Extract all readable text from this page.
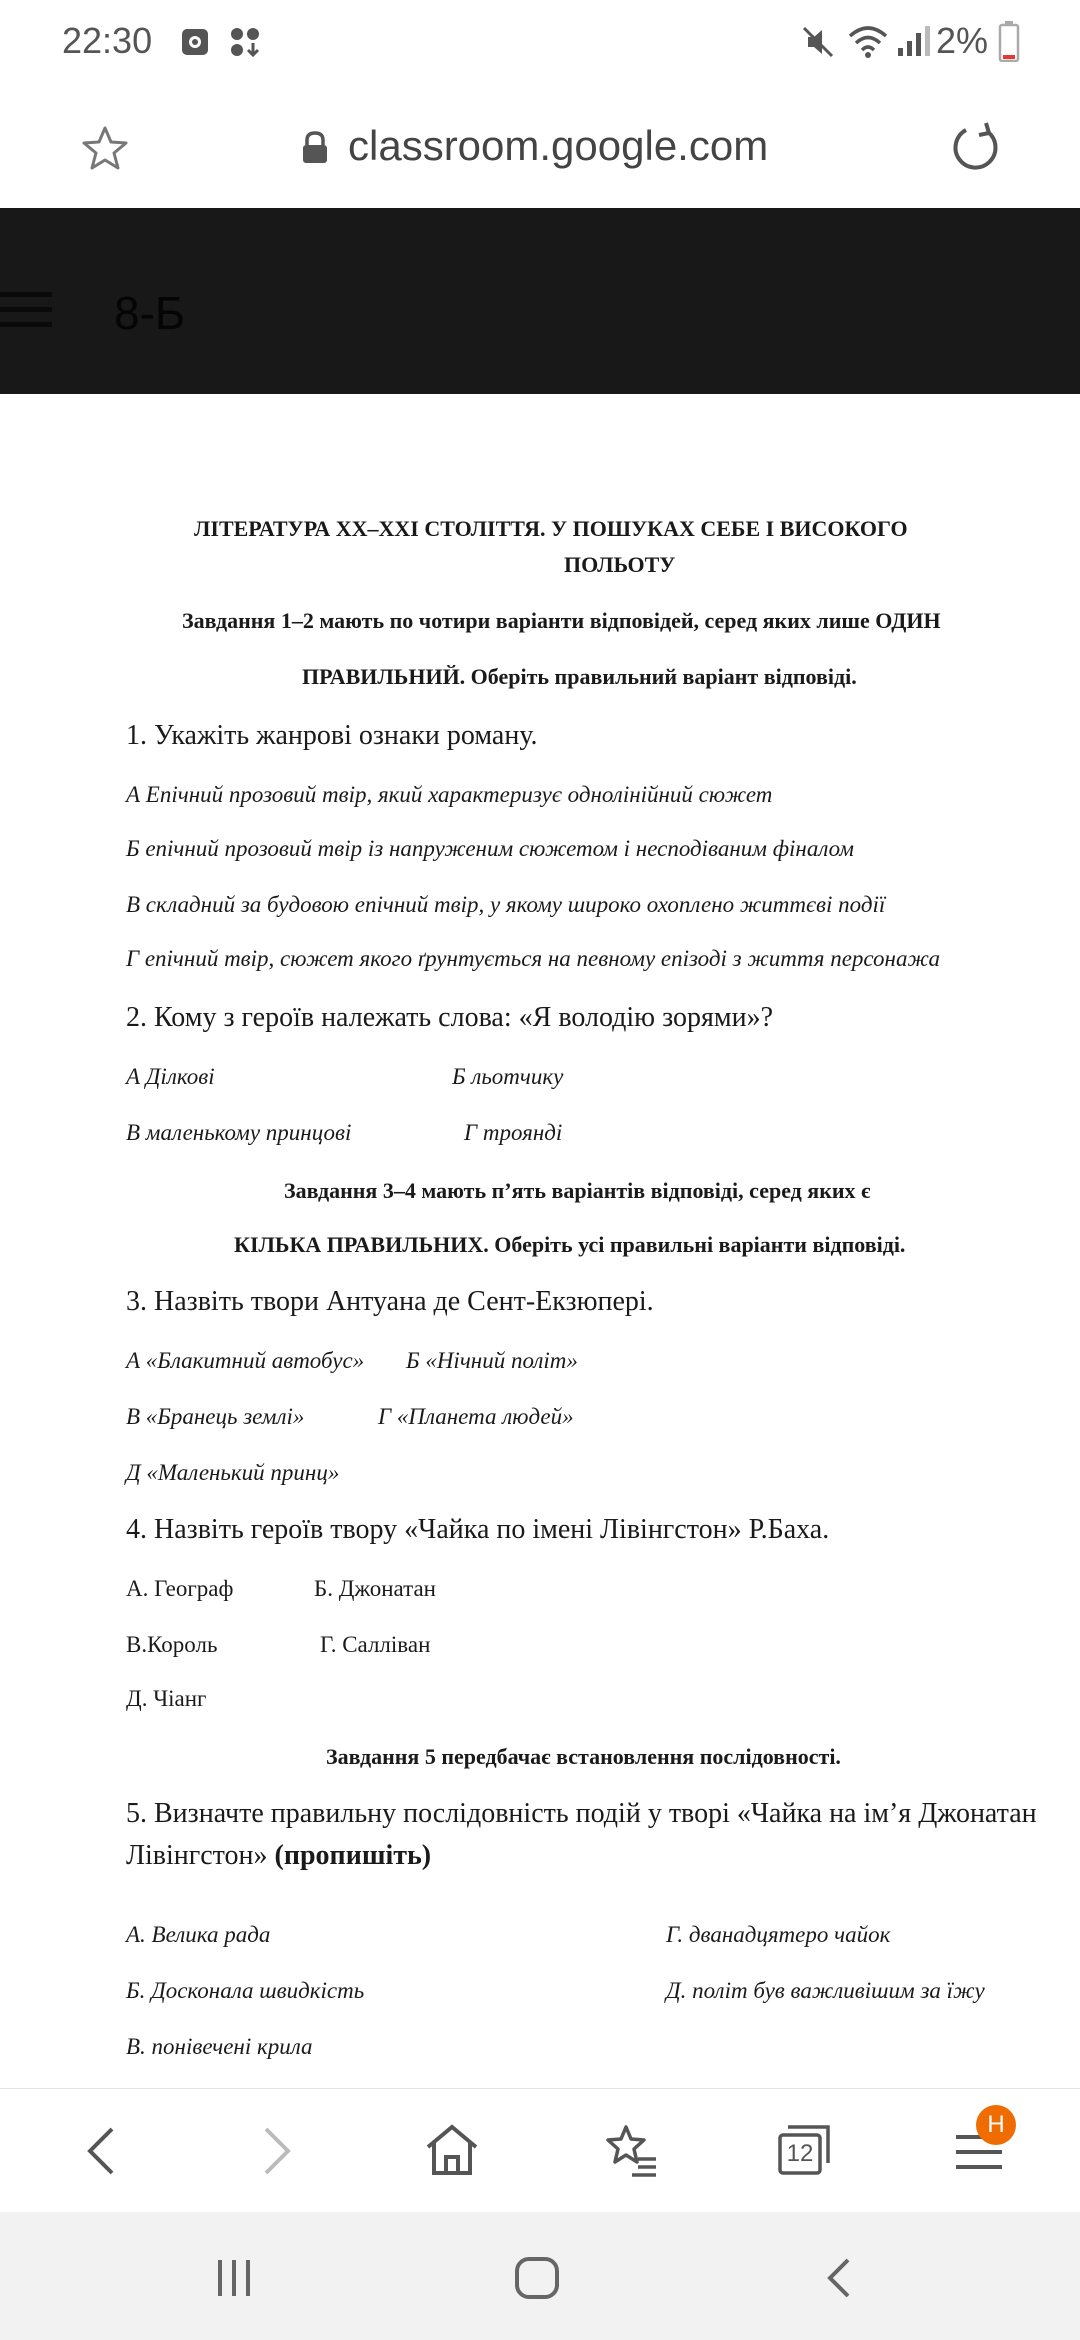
22:30	2%
classroom.google.com
8-Б
ЛІТЕРАТУРА XX–XXI СТОЛІТТЯ. У ПОШУКАХ СЕБЕ І ВИСОКОГО
ПОЛЬОТУ
Завдання 1–2 мають по чотири варіанти відповідей, серед яких лише ОДИН
ПРАВИЛЬНИЙ. Оберіть правильний варіант відповіді.
1. Укажіть жанрові ознаки роману.
А Епічний прозовий твір, який характеризує однолінійний сюжет
Б епічний прозовий твір із напруженим сюжетом і несподіваним фіналом
В складний за будовою епічний твір, у якому широко охоплено життєві події
Г епічний твір, сюжет якого ґрунтується на певному епізоді з життя персонажа
2. Кому з героїв належать слова: «Я володію зорями»?
А Ділкові	Б льотчику
В маленькому принцові	Г троянді
Завдання 3–4 мають п’ять варіантів відповіді, серед яких є
КІЛЬКА ПРАВИЛЬНИХ. Оберіть усі правильні варіанти відповіді.
3. Назвіть твори Антуана де Сент-Екзюпері.
А «Блакитний автобус» Б «Нічний політ»
В «Бранець землі»	Г «Планета людей»
Д «Маленький принц»
4. Назвіть героїв твору «Чайка по імені Лівінгстон» Р.Баха.
А. Географ	Б. Джонатан
В.Король	Г. Салліван
Д. Чіанг
Завдання 5 передбачає встановлення послідовності.
5. Визначте правильну послідовність подій у творі «Чайка на ім’я Джонатан
Лівінгстон» (пропишіть)
А. Велика рада	Г. дванадцятеро чайок
Б. Досконала швидкість	Д. політ був важливішим за їжу
В. понівечені крила
12
H
